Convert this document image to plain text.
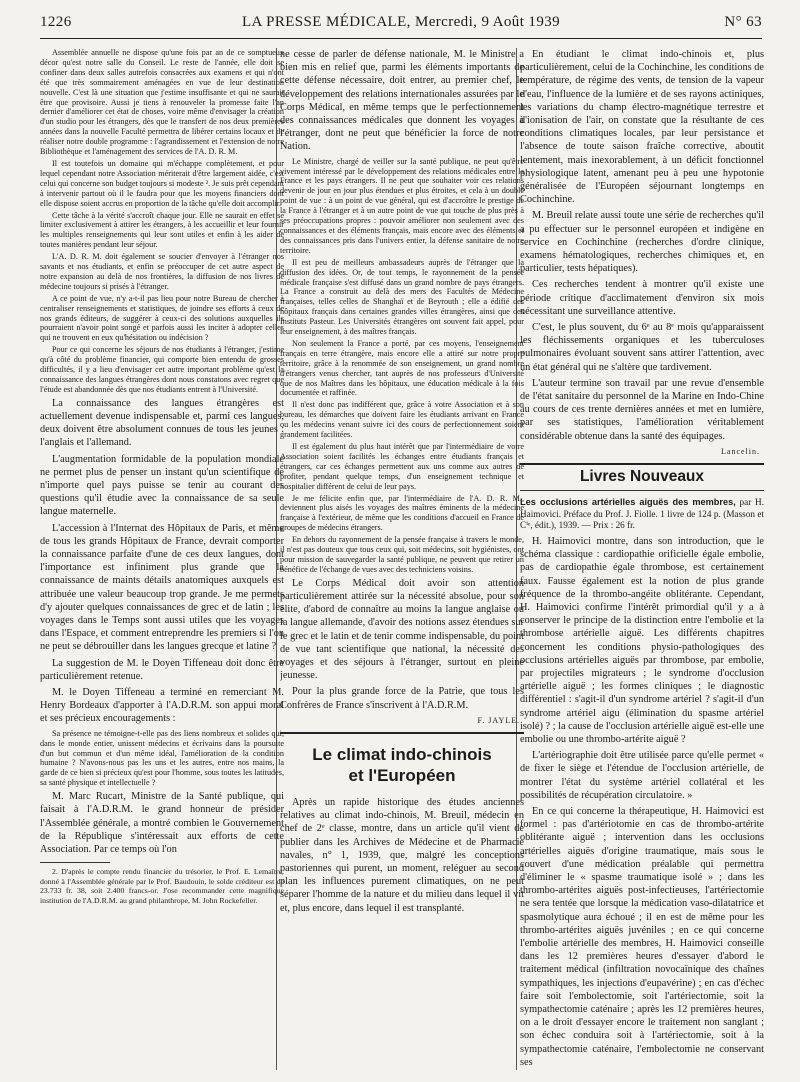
1226	LA PRESSE MÉDICALE, Mercredi, 9 Août 1939	N° 63

Assemblée annuelle ne dispose qu'une fois par an de ce somptueux décor qu'est notre salle du Conseil. Le reste de l'année, elle doit se confiner dans deux salles autrefois consacrées aux examens et qui n'ont été que très sommairement aménagées en vue de leur destination nouvelle. C'est là une situation que j'estime insuffisante et qui ne saurait être que provisoire. Aussi je tiens à renouveler la promesse faite l'an dernier d'améliorer cet état de choses, voire même d'envisager la création d'un studio pour les étrangers, dès que le transfert de nos deux premières années dans la nouvelle Faculté permettra de libérer certains locaux et de réaliser notre double programme : l'agrandissement et l'extension de notre Bibliothèque et l'aménagement des services de l'A. D. R. M.

Il est toutefois un domaine qui m'échappe complètement, et pour lequel cependant notre Association mériterait d'être largement aidée, c'est celui qui concerne son budget toujours si modeste ². Je suis prêt cependant à intervenir partout où il le faudra pour que les moyens financiers dont elle dispose soient accrus en proportion de la tâche qu'elle doit accomplir.

Cette tâche à la vérité s'accroît chaque jour. Elle ne saurait en effet se limiter exclusivement à attirer les étrangers, à les accueillir et leur fournir les multiples renseignements qui leur sont utiles et enfin à les aider de toutes manières pendant leur séjour.

L'A. D. R. M. doit également se soucier d'envoyer à l'étranger nos savants et nos étudiants, et enfin se préoccuper de cet autre aspect de notre expansion au delà de nos frontières, la diffusion de nos livres de médecine toujours si prisés à l'étranger.

A ce point de vue, n'y a-t-il pas lieu pour notre Bureau de chercher à centraliser renseignements et statistiques, de joindre ses efforts à ceux de nos grands éditeurs, de suggérer à ceux-ci des solutions auxquelles ils pourraient n'avoir point songé et parfois aussi les inciter à adopter celles qui ne trouvent en eux qu'hésitation ou indécision ?

Pour ce qui concerne les séjours de nos étudiants à l'étranger, j'estime qu'à côté du problème financier, qui comporte bien entendu de grosses difficultés, il y a lieu d'envisager cet autre important problème qu'est la connaissance des langues étrangères dont nous constatons avec regret que l'étude est abandonnée dès que nos étudiants entrent à l'Université.

La connaissance des langues étrangères est actuellement devenue indispensable et, parmi ces langues, deux doivent être absolument connues de tous les jeunes : l'anglais et l'allemand.

L'augmentation formidable de la population mondiale ne permet plus de penser un instant qu'un scientifique de n'importe quel pays puisse se tenir au courant des questions qu'il étudie avec la connaissance de sa seule langue maternelle.

L'accession à l'Internat des Hôpitaux de Paris, et même de tous les grands Hôpitaux de France, devrait comporter la connaissance parfaite d'une de ces deux langues, dont l'importance est infiniment plus grande que la connaissance de maints détails anatomiques auxquels est attribuée une valeur beaucoup trop grande. Je me permets d'y ajouter quelques connaissances de grec et de latin ; les voyages dans le Temps sont aussi utiles que les voyages dans l'Espace, et comment entreprendre les premiers si l'on ne peut se débrouiller dans les langues grecque et latine ?

La suggestion de M. le Doyen Tiffeneau doit donc être particulièrement retenue.

M. le Doyen Tiffeneau a terminé en remerciant M. Henry Bordeaux d'apporter à l'A.D.R.M. son appui moral et ses précieux encouragements :

Sa présence ne témoigne-t-elle pas des liens nombreux et solides qui, dans le monde entier, unissent médecins et écrivains dans la poursuite d'un but commun et d'un même idéal, l'amélioration de la condition humaine ? N'avons-nous pas les uns et les autres, entre nos mains, la garde de ce bien si précieux qu'est pour l'homme, sous toutes les latitudes, sa santé physique et intellectuelle ?

M. Marc Rucart, Ministre de la Santé publique, qui faisait à l'A.D.R.M. le grand honneur de présider l'Assemblée générale, a montré combien le Gouvernement de la République s'intéressait aux efforts de cette Association. Par ce temps où l'on

2. D'après le compte rendu financier du trésorier, le Prof. E. Lemaître, donné à l'Assemblée générale par le Prof. Baudouin, le solde créditeur est de 23.733 fr. 38, soit 2.400 francs-or. J'ose recommander cette magnifique institution de l'A.D.R.M. au grand philanthrope, M. John Rockefeller.

ne cesse de parler de défense nationale, M. le Ministre a bien mis en relief que, parmi les éléments importants de cette défense nécessaire, doit entrer, au premier chef, le développement des relations internationales assurées par le Corps Médical, en même temps que le perfectionnement des connaissances médicales que donnent les voyages à l'étranger, dont ne peut que bénéficier la force de notre Nation.

Le Ministre, chargé de veiller sur la santé publique, ne peut qu'être vivement intéressé par le développement des relations médicales entre la France et les pays étrangers. Il ne peut que souhaiter voir ces relations devenir de jour en jour plus étendues et plus étroites, et cela à un double point de vue : à un point de vue général, qui est d'accroître le prestige de la France à l'étranger et à un autre point de vue qui touche de plus près à ses préoccupations propres : pouvoir améliorer non seulement avec des connaissances et des éléments français, mais encore avec des éléments et des connaissances pris dans l'univers entier, la défense sanitaire de notre territoire.

Il est peu de meilleurs ambassadeurs auprès de l'étranger que la diffusion des idées. Or, de tout temps, le rayonnement de la pensée médicale française s'est diffusé dans un grand nombre de pays étrangers. La France a construit au delà des mers des Facultés de Médecine françaises, telles celles de Shanghaï et de Beyrouth ; elle a édifié des hôpitaux français dans certaines grandes villes étrangères, ainsi que des Instituts Pasteur. Les Universités étrangères ont souvent fait appel, pour leur enseignement, à des maîtres français.

Non seulement la France a porté, par ces moyens, l'enseignement français en terre étrangère, mais encore elle a attiré sur notre propre territoire, grâce à la renommée de son enseignement, un grand nombre d'étrangers venus chercher, tant auprès de nos professeurs d'Université que de nos Maîtres dans les hôpitaux, une éducation médicale à la fois documentée et raffinée.

Il n'est donc pas indifférent que, grâce à votre Association et à son bureau, les démarches que doivent faire les étudiants arrivant en France ou les médecins venant suivre ici des cours de perfectionnement soient grandement facilitées.

Il est également du plus haut intérêt que par l'intermédiaire de votre Association soient facilités les échanges entre étudiants français et étrangers, car ces échanges permettent aux uns comme aux autres de profiter, pendant quelque temps, d'un enseignement technique et hospitalier différent de celui de leur pays.

Je me félicite enfin que, par l'intermédiaire de l'A. D. R. M., deviennent plus aisés les voyages des maîtres éminents de la médecine française à l'extérieur, de même que les conditions d'accueil en France de groupes de médecins étrangers.

En dehors du rayonnement de la pensée française à travers le monde, il n'est pas douteux que tous ceux qui, soit médecins, soit hygiénistes, ont pour mission de sauvegarder la santé publique, ne peuvent que retirer un bénéfice de l'échange de vues avec des techniciens voisins.

Le Corps Médical doit avoir son attention particulièrement attirée sur la nécessité absolue, pour son élite, d'abord de connaître au moins la langue anglaise ou la langue allemande, d'avoir des notions assez étendues sur le grec et le latin et de tenir comme indispensable, du point de vue tant scientifique que national, la nécessité des voyages et des séjours à l'étranger, surtout en pleine jeunesse.

Pour la plus grande force de la Patrie, que tous les Confrères de France s'inscrivent à l'A.D.R.M.

F. JAYLE.
Le climat indo-chinois
et l'Européen

Après un rapide historique des études anciennes relatives au climat indo-chinois, M. Breuil, médecin en chef de 2ᵉ classe, montre, dans un article qu'il vient de publier dans les Archives de Médecine et de Pharmacie navales, n° 1, 1939, que, malgré les conceptions pastoriennes qui purent, un moment, reléguer au second plan les influences purement climatiques, on ne peut séparer l'homme de la nature et du milieu dans lequel il vit et, plus encore, dans lequel il est transplanté.

En étudiant le climat indo-chinois et, plus particulièrement, celui de la Cochinchine, les conditions de température, de régime des vents, de tension de la vapeur d'eau, l'influence de la lumière et de ses rayons actiniques, les variations du champ électro-magnétique terrestre et d'ionisation de l'air, on constate que la résultante de ces conditions climatiques locales, par leur persistance et l'absence de toute saison fraîche corrective, aboutit lentement, mais inexorablement, à un déficit fonctionnel physiologique latent, amenant peu à peu une hypotonie généralisée de l'Européen séjournant longtemps en Cochinchine.

M. Breuil relate aussi toute une série de recherches qu'il a pu effectuer sur le personnel européen et indigène en service en Cochinchine (recherches d'ordre clinique, examens hématologiques, recherches chimiques et, en particulier, tests hépatiques).

Ces recherches tendent à montrer qu'il existe une période critique d'acclimatement d'environ six mois nécessitant une surveillance attentive.

C'est, le plus souvent, du 6ᵉ au 8ᵉ mois qu'apparaissent les fléchissements organiques et les tuberculoses pulmonaires évoluant souvent sans attirer l'attention, avec un état général qui ne s'altère que tardivement.

L'auteur termine son travail par une revue d'ensemble de l'état sanitaire du personnel de la Marine en Indo-Chine au cours de ces trente dernières années et met en lumière, par ses statistiques, l'amélioration véritablement considérable obtenue dans la santé des équipages.

Lancelin.
Livres Nouveaux
Les occlusions artérielles aiguës des membres, par H. Haimovici. Préface du Prof. J. Fiolle. 1 livre de 124 p. (Masson et Cⁱᵉ, édit.), 1939. — Prix : 26 fr.

H. Haimovici montre, dans son introduction, que le schéma classique : cardiopathie orificielle égale embolie, pas de cardiopathie égale thrombose, est certainement faux. Fausse également est la notion de plus grande fréquence de la thrombo-angéite oblitérante. Cependant, H. Haimovici confirme l'intérêt primordial qu'il y a à conserver le principe de la distinction entre l'embolie et la thrombose artérielle aiguë. Les différents chapitres concernent les conditions physio-pathologiques des occlusions artérielles aiguës par thrombose, par embolie, par projectiles migrateurs ; le syndrome d'occlusion artérielle aiguë ; les formes cliniques ; le diagnostic différentiel : s'agit-il d'un syndrome artériel ? s'agit-il d'un syndrome artériel aigu (élimination du spasme artériel isolé) ? ; la cause de l'occlusion artérielle aiguë est-elle une embolie ou une thrombo-artérite aiguë ?

L'artériographie doit être utilisée parce qu'elle permet « de fixer le siège et l'étendue de l'occlusion artérielle, de montrer l'état du système artériel collatéral et les possibilités de récupération circulatoire. »

En ce qui concerne la thérapeutique, H. Haimovici est formel : pas d'artériotomie en cas de thrombo-artérite oblitérante aiguë ; intervention dans les occlusions artérielles aiguës d'origine traumatique, mais sous le couvert d'une médication préalable qui permettra d'éliminer le « spasme traumatique isolé » ; dans les thrombo-artérites aiguës post-infectieuses, l'artériectomie ne sera tentée que lorsque la médication vaso-dilatatrice et spasmolytique aura échoué ; il en est de même pour les thrombo-artérites aiguës juvéniles ; en ce qui concerne l'embolie artérielle des membres, H. Haimovici conseille dans les 12 premières heures d'essayer d'abord le traitement médical (infiltration novocaïnique des chaînes sympathiques, les injections d'eupavérine) ; en cas d'échec faire soit l'embolectomie, soit l'artériectomie, soit la sympathectomie caténaire ; après les 12 premières heures, on a le droit d'essayer encore le traitement non sanglant ; son échec conduira soit à l'artériectomie, soit à la sympathectomie caténaire, l'embolectomie ne conservant ses
